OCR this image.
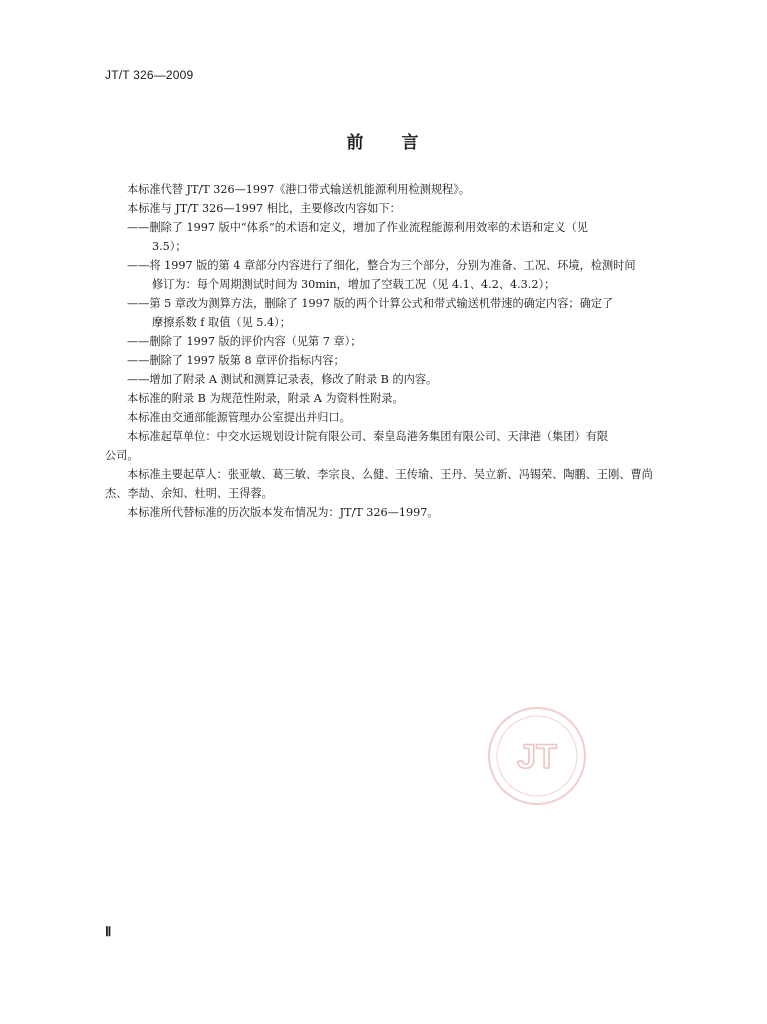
JT/T 326—2009
前 言

本标准代替 JT/T 326—1997《港口带式输送机能源利用检测规程》。

本标准与 JT/T 326—1997 相比，主要修改内容如下：

——删除了 1997 版中“体系”的术语和定义，增加了作业流程能源利用效率的术语和定义（见

3.5）；

——将 1997 版的第 4 章部分内容进行了细化，整合为三个部分，分别为准备、工况、环境，检测时间

修订为：每个周期测试时间为 30min，增加了空载工况（见 4.1、4.2、4.3.2）；

——第 5 章改为测算方法，删除了 1997 版的两个计算公式和带式输送机带速的确定内容；确定了

摩擦系数 f 取值（见 5.4）；

——删除了 1997 版的评价内容（见第 7 章）；

——删除了 1997 版第 8 章评价指标内容；

——增加了附录 A 测试和测算记录表，修改了附录 B 的内容。

本标准的附录 B 为规范性附录，附录 A 为资料性附录。

本标准由交通部能源管理办公室提出并归口。

本标准起草单位：中交水运规划设计院有限公司、秦皇岛港务集团有限公司、天津港（集团）有限

公司。

本标准主要起草人：张亚敏、葛三敏、李宗良、么健、王传瑜、王丹、吴立新、冯锡荣、陶鹏、王刚、曹尚

杰、李劼、余知、杜明、王得蓉。

本标准所代替标准的历次版本发布情况为：JT/T 326—1997。

JT
Ⅱ
